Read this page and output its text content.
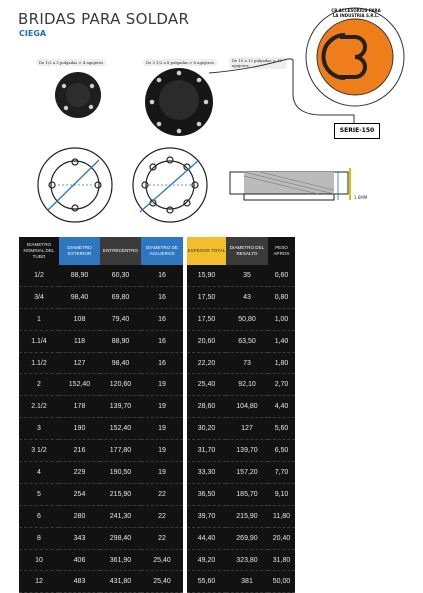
BRIDAS PARA SOLDAR
CIEGA
De 1/2 a 3 pulgadas > 4 agujeros	De 3 1/2 a 8 pulgadas > 8 agujeros	De 10 a 12 pulgadas > 12 agujeros
CB ACCESORIOS PARA LA INDUSTRIA S.R.L.
SERIE-150
1.6MM
DIAMETRO NOMINAL DEL TUBO	DIAMETRO EXTERIOR	ENTRECENTRO	DIAMETRO DE AGUJEROS
1/2	88,90	60,30	16
3/4	98,40	69,80	16
1	108	79,40	16
1.1/4	118	88,90	16
1.1/2	127	98,40	16
2	152,40	120,60	19
2.1/2	178	139,70	19
3	190	152,40	19
3 1/2	216	177,80	19
4	229	190,50	19
5	254	215,90	22
6	280	241,30	22
8	343	298,40	22
10	406	361,90	25,40
12	483	431,80	25,40
ESPESOR TOTAL	DIAMETRO DEL RESALTO	PESO APROX
15,90	35	0,60
17,50	43	0,80
17,50	50,80	1,00
20,60	63,50	1,40
22,20	73	1,80
25,40	92,10	2,70
28,60	104,80	4,40
30,20	127	5,60
31,70	139,70	6,50
33,30	157,20	7,70
36,50	185,70	9,10
39,70	215,90	11,80
44,40	269,90	20,40
49,20	323,80	31,80
55,60	381	50,00
